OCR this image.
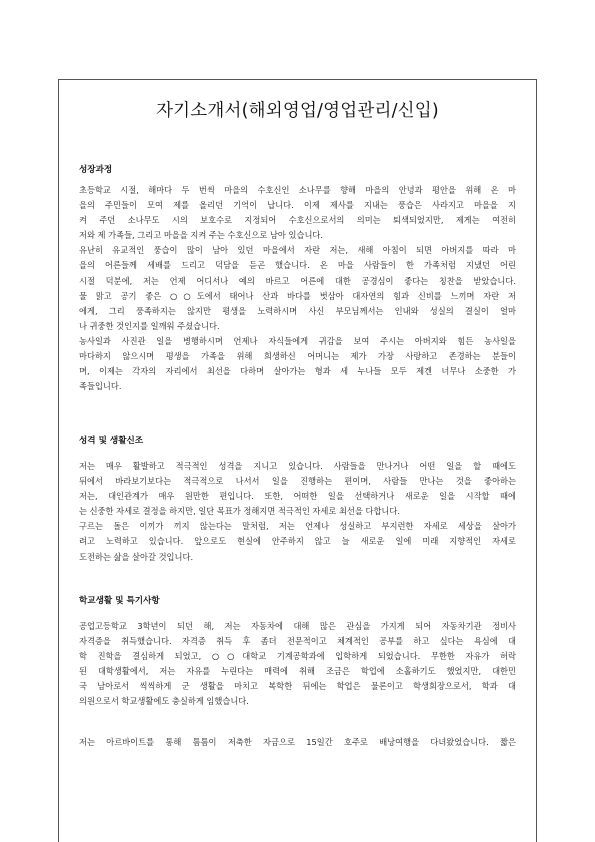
자기소개서(해외영업/영업관리/신입)
성장과정
초등학교 시절, 해마다 두 번씩 마을의 수호신인 소나무를 향해 마을의 안녕과 평안을 위해 온 마
을의 주민들이 모여 제를 올리던 기억이 납니다. 이제 제사를 지내는 풍습은 사라지고 마을을 지
켜 주던 소나무도 시의 보호수로 지정되어 수호신으로서의 의미는 퇴색되었지만, 제게는 여전히
저와 제 가족들, 그리고 마을을 지켜 주는 수호신으로 남아 있습니다.
유난히 유교적인 풍습이 많이 남아 있던 마을에서 자란 저는, 새해 아침이 되면 아버지를 따라 마
을의 어른들께 세배를 드리고 덕담을 듣곤 했습니다. 온 마을 사람들이 한 가족처럼 지냈던 어린
시절 덕분에, 저는 언제 어디서나 예의 바르고 어른에 대한 공경심이 좋다는 칭찬을 받았습니다.
물 맑고 공기 좋은 ○○도에서 태어나 산과 바다를 벗삼아 대자연의 힘과 신비를 느끼며 자란 저
에게, 그리 풍족하지는 않지만 평생을 노력하시며 사신 부모님께서는 인내와 성실의 결실이 얼마
나 귀중한 것인지를 일깨워 주셨습니다.
농사일과 사진관 일을 병행하시며 언제나 자식들에게 귀감을 보여 주시는 아버지와 힘든 농사일을
마다하지 않으시며 평생을 가족을 위해 희생하신 어머니는 제가 가장 사랑하고 존경하는 분들이
며, 이제는 각자의 자리에서 최선을 다하며 살아가는 형과 세 누나들 모두 제겐 너무나 소중한 가
족들입니다.
성격 및 생활신조
저는 매우 활발하고 적극적인 성격을 지니고 있습니다. 사람들을 만나거나 어떤 일을 할 때에도
뒤에서 바라보기보다는 적극적으로 나서서 일을 진행하는 편이며, 사람들 만나는 것을 좋아하는
저는, 대인관계가 매우 원만한 편입니다. 또한, 어떠한 일을 선택하거나 새로운 일을 시작할 때에
는 신중한 자세로 결정을 하지만, 일단 목표가 정해지면 적극적인 자세로 최선을 다합니다.
구르는 돌은 이끼가 끼지 않는다는 말처럼, 저는 언제나 성실하고 부지런한 자세로 세상을 살아가
려고 노력하고 있습니다. 앞으로도 현실에 안주하지 않고 늘 새로운 일에 미래 지향적인 자세로
도전하는 삶을 살아갈 것입니다.
학교생활 및 특기사항
공업고등학교 3학년이 되던 해, 저는 자동차에 대해 많은 관심을 가지게 되어 자동차기관 정비사
자격증을 취득했습니다. 자격증 취득 후 좀더 전문적이고 체계적인 공부를 하고 싶다는 욕심에 대
학 진학을 결심하게 되었고, ○○대학교 기계공학과에 입학하게 되었습니다. 무한한 자유가 허락
된 대학생활에서, 저는 자유를 누린다는 매력에 취해 조금은 학업에 소홀하기도 했었지만, 대한민
국 남아로서 씩씩하게 군 생활을 마치고 복학한 뒤에는 학업은 물론이고 학생회장으로서, 학과 대
의원으로서 학교생활에도 충실하게 임했습니다.
저는 아르바이트를 통해 틈틈이 저축한 자금으로 15일간 호주로 배낭여행을 다녀왔었습니다. 짧은
